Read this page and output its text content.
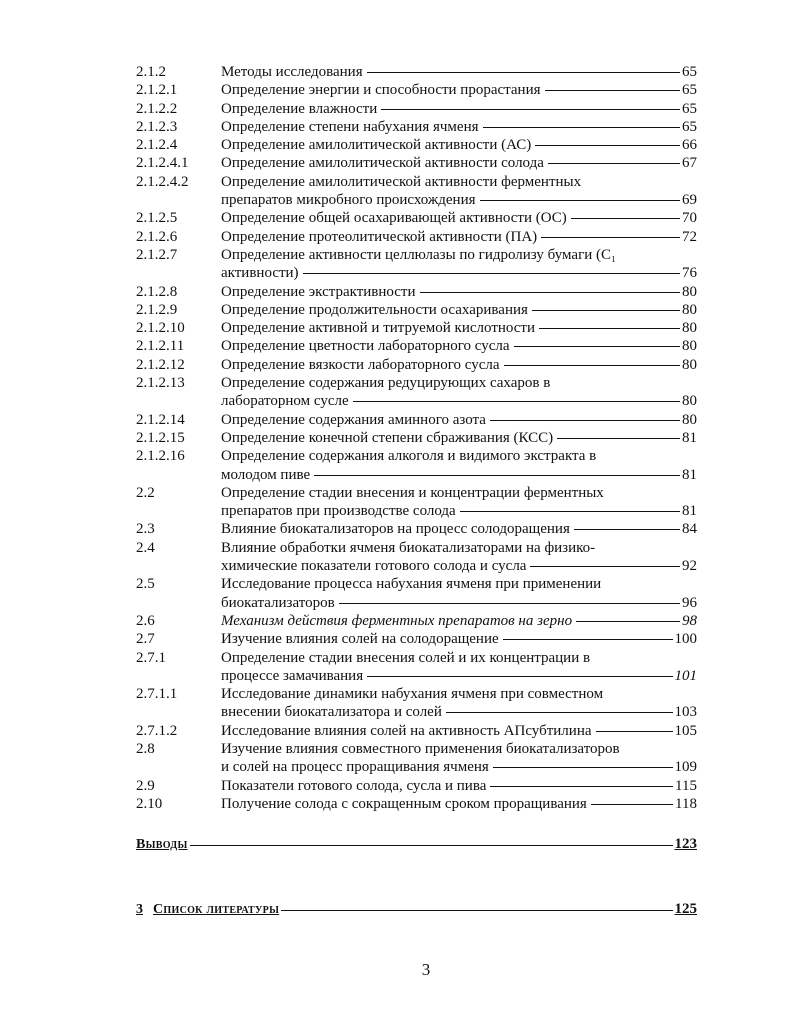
2.1.2	Методы исследования	65
2.1.2.1	Определение энергии и способности прорастания	65
2.1.2.2	Определение влажности	65
2.1.2.3	Определение степени набухания ячменя	65
2.1.2.4	Определение амилолитической активности (АС)	66
2.1.2.4.1	Определение амилолитической активности солода	67
2.1.2.4.2	Определение амилолитической активности ферментных
препаратов микробного происхождения	69
2.1.2.5	Определение общей осахаривающей активности (ОС)	70
2.1.2.6	Определение протеолитической активности (ПА)	72
2.1.2.7	Определение активности целлюлазы по гидролизу бумаги (C₁
активности)	76
2.1.2.8	Определение экстрактивности	80
2.1.2.9	Определение продолжительности осахаривания	80
2.1.2.10	Определение активной и титруемой кислотности	80
2.1.2.11	Определение цветности лабораторного сусла	80
2.1.2.12	Определение вязкости лабораторного сусла	80
2.1.2.13	Определение содержания редуцирующих сахаров в
лабораторном сусле	80
2.1.2.14	Определение содержания аминного азота	80
2.1.2.15	Определение конечной степени сбраживания (КСС)	81
2.1.2.16	Определение содержания алкоголя и видимого экстракта в
молодом пиве	81
2.2	Определение стадии внесения и концентрации ферментных
препаратов при производстве солода	81
2.3	Влияние биокатализаторов на процесс солодоращения	84
2.4	Влияние обработки ячменя биокатализаторами на физико-
химические показатели готового солода и сусла	92
2.5	Исследование процесса набухания ячменя при применении
биокатализаторов	96
2.6	Механизм действия ферментных препаратов на зерно	98
2.7	Изучение влияния солей на солодоращение	100
2.7.1	Определение стадии внесения солей и их концентрации в
процессе замачивания	101
2.7.1.1	Исследование динамики набухания ячменя при совместном
внесении биокатализатора и солей	103
2.7.1.2	Исследование влияния солей на активность АПсубтилина	105
2.8	Изучение влияния совместного применения биокатализаторов
и солей на процесс проращивания ячменя	109
2.9	Показатели готового солода, сусла и пива	115
2.10	Получение солода с сокращенным сроком проращивания	118
Выводы	123
3 Список литературы	125
3
